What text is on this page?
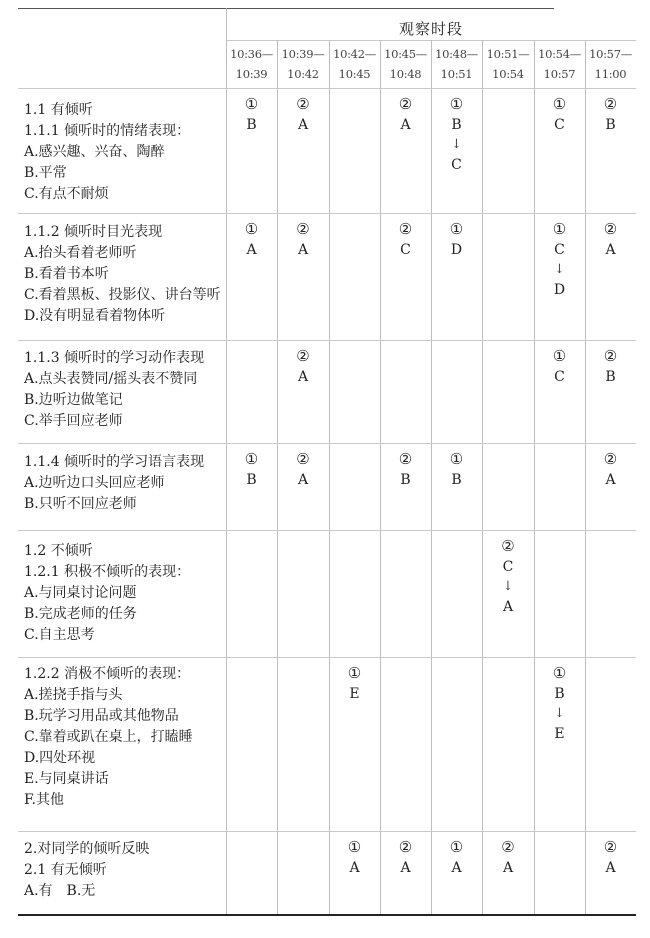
观察时段
10:36—
10:39
10:39—
10:42
10:42—
10:45
10:45—
10:48
10:48—
10:51
10:51—
10:54
10:54—
10:57
10:57—
11:00
1.1 有倾听
1.1.1 倾听时的情绪表现：
A.感兴趣、兴奋、陶醉
B.平常
C.有点不耐烦
①
B
②
A
②
A
①
B
↓
C
①
C
②
B
1.1.2 倾听时目光表现
A.抬头看着老师听
B.看着书本听
C.看着黑板、投影仪、讲台等听
D.没有明显看着物体听
①
A
②
A
②
C
①
D
①
C
↓
D
②
A
1.1.3 倾听时的学习动作表现
A.点头表赞同/摇头表不赞同
B.边听边做笔记
C.举手回应老师
②
A
①
C
②
B
1.1.4 倾听时的学习语言表现
A.边听边口头回应老师
B.只听不回应老师
①
B
②
A
②
B
①
B
②
A
1.2 不倾听
1.2.1 积极不倾听的表现：
A.与同桌讨论问题
B.完成老师的任务
C.自主思考
②
C
↓
A
1.2.2 消极不倾听的表现：
A.搓挠手指与头
B.玩学习用品或其他物品
C.靠着或趴在桌上，打瞌睡
D.四处环视
E.与同桌讲话
F.其他
①
E
①
B
↓
E
2.对同学的倾听反映
2.1 有无倾听
A.有　B.无
①
A
②
A
①
A
②
A
②
A
